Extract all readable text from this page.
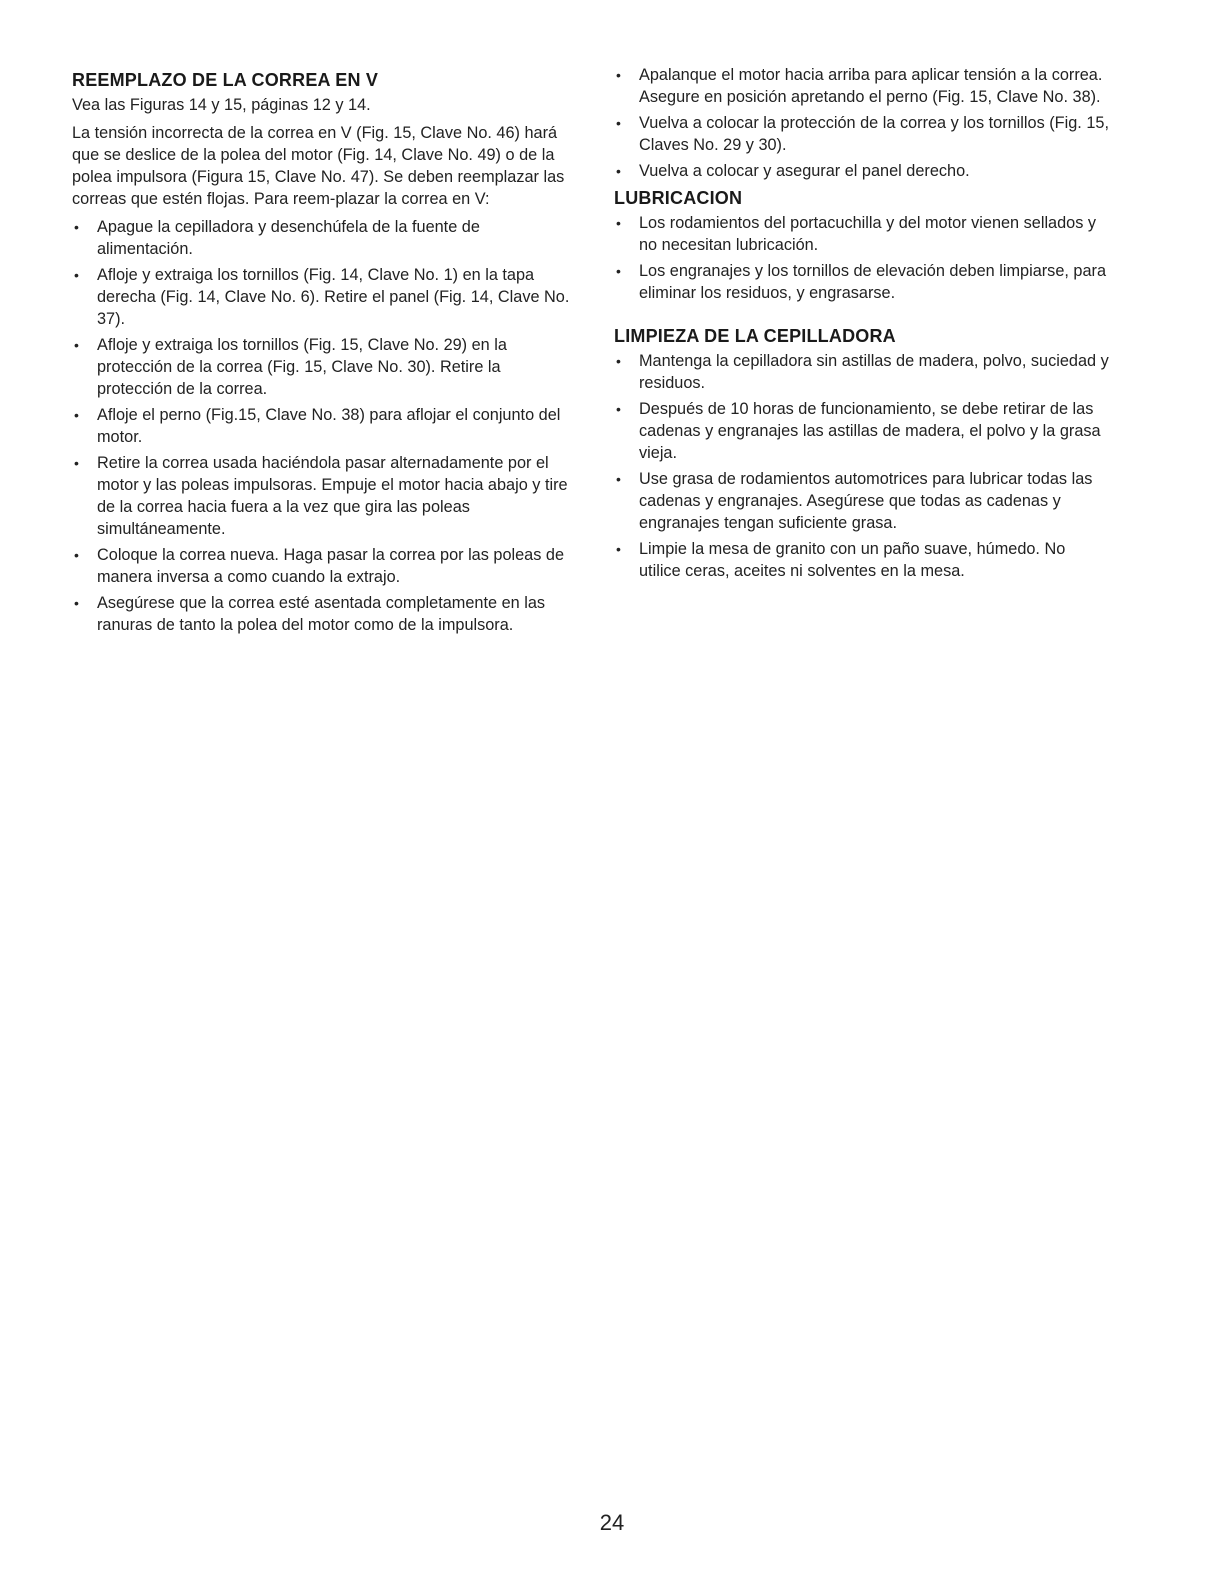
REEMPLAZO DE LA CORREA EN V

Vea las Figuras 14 y 15, páginas 12 y 14.

La tensión incorrecta de la correa en V (Fig. 15, Clave No. 46) hará que se deslice de la polea del motor (Fig. 14, Clave No. 49) o de la polea impulsora (Figura 15, Clave No. 47). Se deben reemplazar las correas que estén flojas. Para reem-plazar la correa en V:

• Apague la cepilladora y desenchúfela de la fuente de alimentación.
• Afloje y extraiga los tornillos (Fig. 14, Clave No. 1) en la tapa derecha (Fig. 14, Clave No. 6). Retire el panel (Fig. 14, Clave No. 37).
• Afloje y extraiga los tornillos (Fig. 15, Clave No. 29) en la protección de la correa (Fig. 15, Clave No. 30). Retire la protección de la correa.
• Afloje el perno (Fig.15, Clave No. 38) para aflojar el conjunto del motor.
• Retire la correa usada haciéndola pasar alternadamente por el motor y las poleas impulsoras. Empuje el motor hacia abajo y tire de la correa hacia fuera a la vez que gira las poleas simultáneamente.
• Coloque la correa nueva. Haga pasar la correa por las poleas de manera inversa a como cuando la extrajo.
• Asegúrese que la correa esté asentada completamente en las ranuras de tanto la polea del motor como de la impulsora.
• Apalanque el motor hacia arriba para aplicar tensión a la correa. Asegure en posición apretando el perno (Fig. 15, Clave No. 38).
• Vuelva a colocar la protección de la correa y los tornillos (Fig. 15, Claves No. 29 y 30).
• Vuelva a colocar y asegurar el panel derecho.
LUBRICACION
• Los rodamientos del portacuchilla y del motor vienen sellados y no necesitan lubricación.
• Los engranajes y los tornillos de elevación deben limpiarse, para eliminar los residuos, y engrasarse.
LIMPIEZA DE LA CEPILLADORA
• Mantenga la cepilladora sin astillas de madera, polvo, suciedad y residuos.
• Después de 10 horas de funcionamiento, se debe retirar de las cadenas y engranajes las astillas de madera, el polvo y la grasa vieja.
• Use grasa de rodamientos automotrices para lubricar todas las cadenas y engranajes. Asegúrese que todas as cadenas y engranajes tengan suficiente grasa.
• Limpie la mesa de granito con un paño suave, húmedo. No utilice ceras, aceites ni solventes en la mesa.
24
